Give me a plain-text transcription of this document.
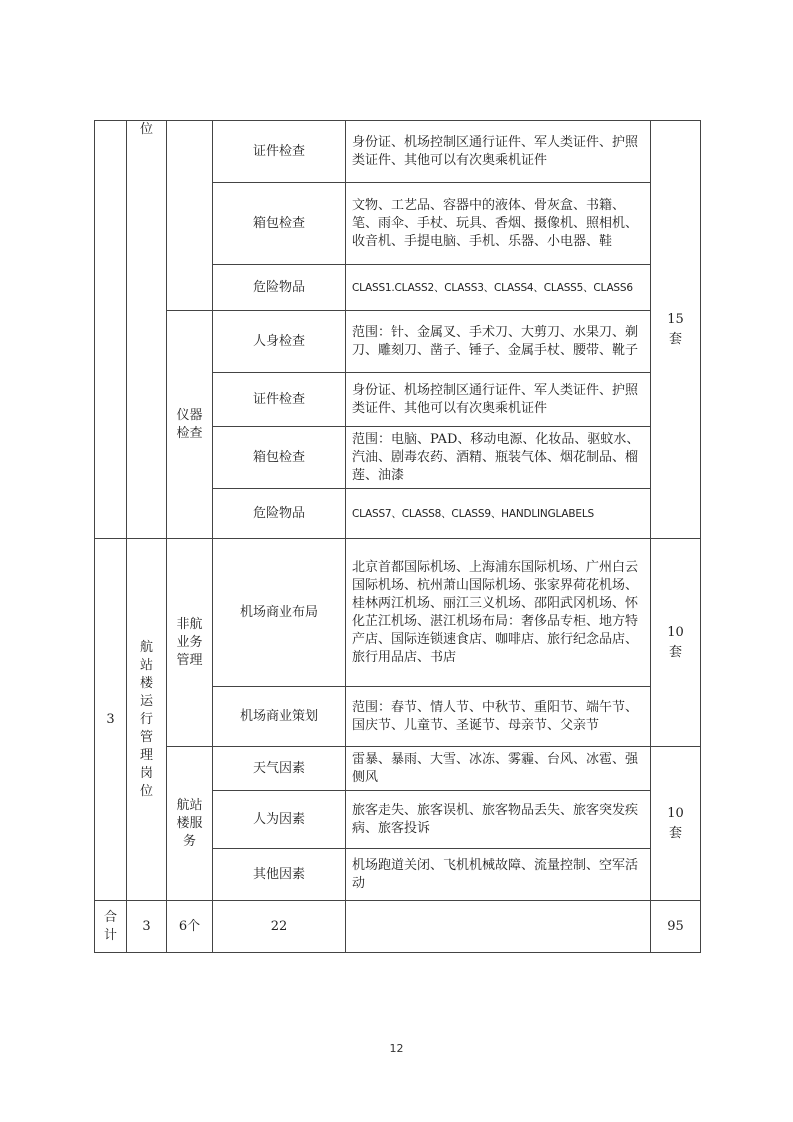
	位		证件检查	身份证、机场控制区通行证件、军人类证件、护照类证件、其他可以有次奥乘机证件	15套
			箱包检查	文物、工艺品、容器中的液体、骨灰盒、书籍、笔、雨伞、手杖、玩具、香烟、摄像机、照相机、收音机、手提电脑、手机、乐器、小电器、鞋	
			危险物品	CLASS1.CLASS2、CLASS3、CLASS4、CLASS5、CLASS6	
		仪器检查	人身检查	范围：针、金属叉、手术刀、大剪刀、水果刀、剃刀、雕刻刀、凿子、锤子、金属手杖、腰带、靴子	
			证件检查	身份证、机场控制区通行证件、军人类证件、护照类证件、其他可以有次奥乘机证件	
			箱包检查	范围：电脑、PAD、移动电源、化妆品、驱蚊水、汽油、剧毒农药、酒精、瓶装气体、烟花制品、榴莲、油漆	
			危险物品	CLASS7、CLASS8、CLASS9、HANDLINGLABELS	
3	航站楼运行管理岗位	非航业务管理	机场商业布局	北京首都国际机场、上海浦东国际机场、广州白云国际机场、杭州萧山国际机场、张家界荷花机场、桂林两江机场、丽江三义机场、邵阳武冈机场、怀化芷江机场、湛江机场布局：奢侈品专柜、地方特产店、国际连锁速食店、咖啡店、旅行纪念品店、旅行用品店、书店	10套
			机场商业策划	范围：春节、情人节、中秋节、重阳节、端午节、国庆节、儿童节、圣诞节、母亲节、父亲节	
		航站楼服务	天气因素	雷暴、暴雨、大雪、冰冻、雾霾、台风、冰雹、强侧风	10套
			人为因素	旅客走失、旅客误机、旅客物品丢失、旅客突发疾病、旅客投诉	
			其他因素	机场跑道关闭、飞机机械故障、流量控制、空军活动	
合计	3	6个	22		95
12
